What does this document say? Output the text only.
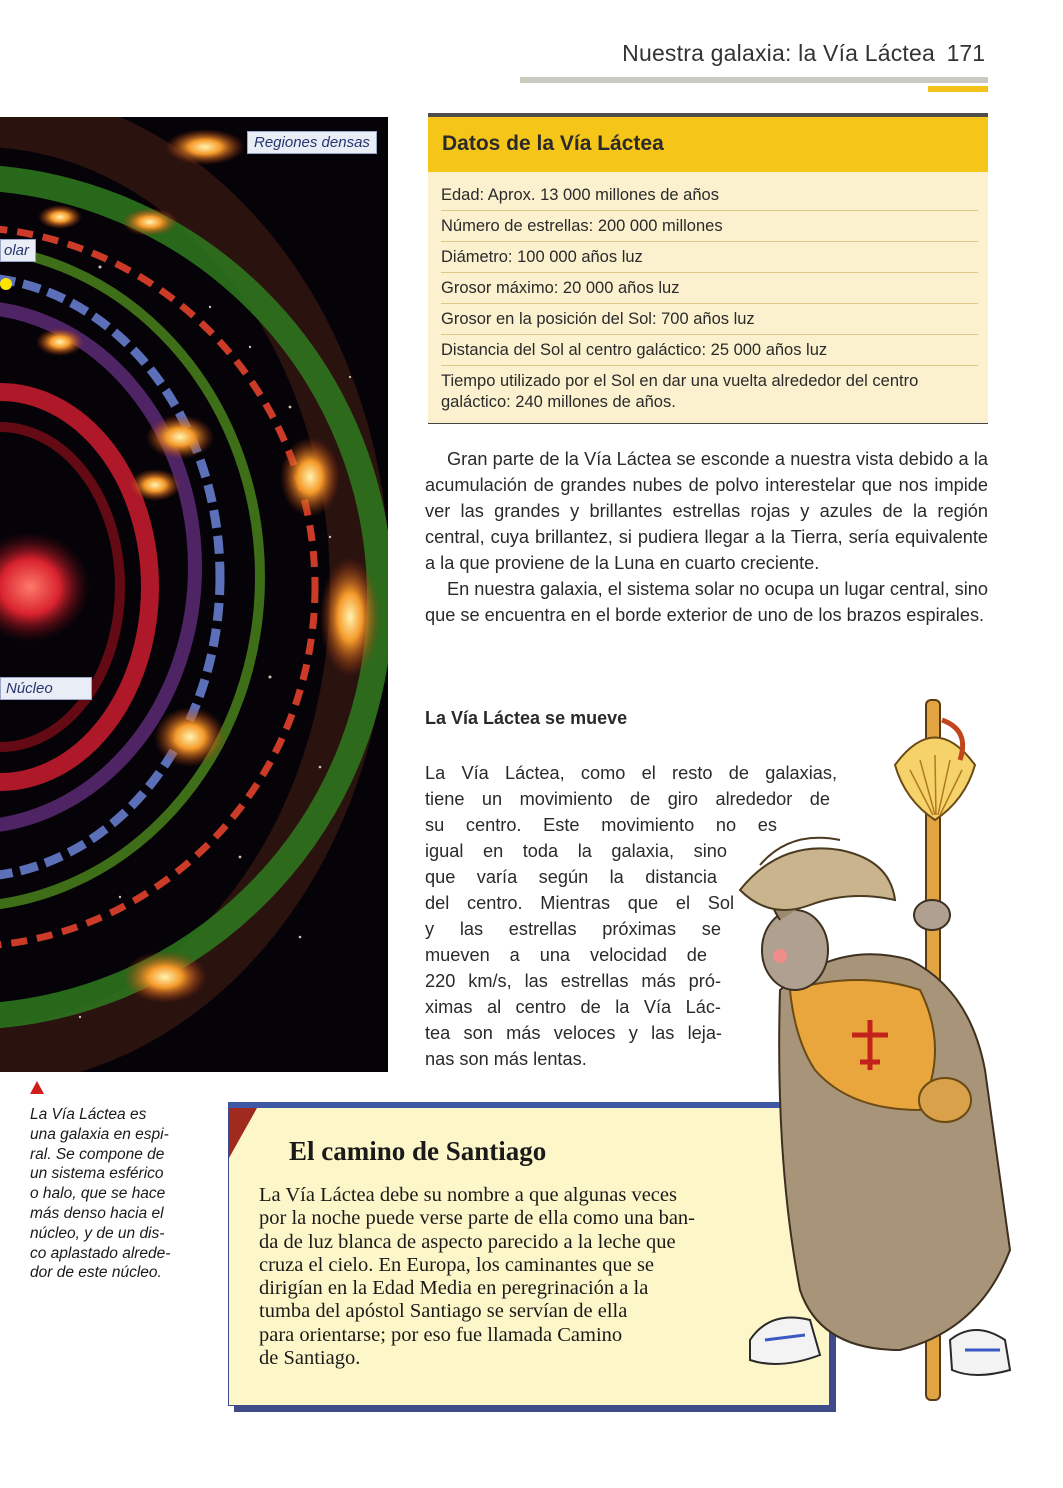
Nuestra galaxia: la Vía Láctea 171
Regiones densas
olar
Núcleo
La Vía Láctea es
una galaxia en espi-
ral. Se compone de
un sistema esférico
o halo, que se hace
más denso hacia el
núcleo, y de un dis-
co aplastado alrede-
dor de este núcleo.
Datos de la Vía Láctea
Edad: Aprox. 13 000 millones de años
Número de estrellas: 200 000 millones
Diámetro: 100 000 años luz
Grosor máximo: 20 000 años luz
Grosor en la posición del Sol: 700 años luz
Distancia del Sol al centro galáctico: 25 000 años luz
Tiempo utilizado por el Sol en dar una vuelta alrededor del centro galáctico: 240 millones de años.

Gran parte de la Vía Láctea se esconde a nuestra vista debido a la acumulación de grandes nubes de polvo interestelar que nos impide ver las grandes y brillantes estrellas rojas y azules de la región central, cuya brillantez, si pudiera llegar a la Tierra, sería equivalente a la que proviene de la Luna en cuarto creciente.

En nuestra galaxia, el sistema solar no ocupa un lugar central, sino que se encuentra en el borde exterior de uno de los brazos espirales.

La Vía Láctea se mueve
La Vía Láctea, como el resto de galaxias,
tiene un movimiento de giro alrededor de
su centro. Este movimiento no es
igual en toda la galaxia, sino
que varía según la distancia
del centro. Mientras que el Sol
y las estrellas próximas se
mueven a una velocidad de
220 km/s, las estrellas más pró-
ximas al centro de la Vía Lác-
tea son más veloces y las leja-
nas son más lentas.
El camino de Santiago
La Vía Láctea debe su nombre a que algunas veces
por la noche puede verse parte de ella como una ban-
da de luz blanca de aspecto parecido a la leche que
cruza el cielo. En Europa, los caminantes que se
dirigían en la Edad Media en peregrinación a la
tumba del apóstol Santiago se servían de ella
para orientarse; por eso fue llamada Camino
de Santiago.
